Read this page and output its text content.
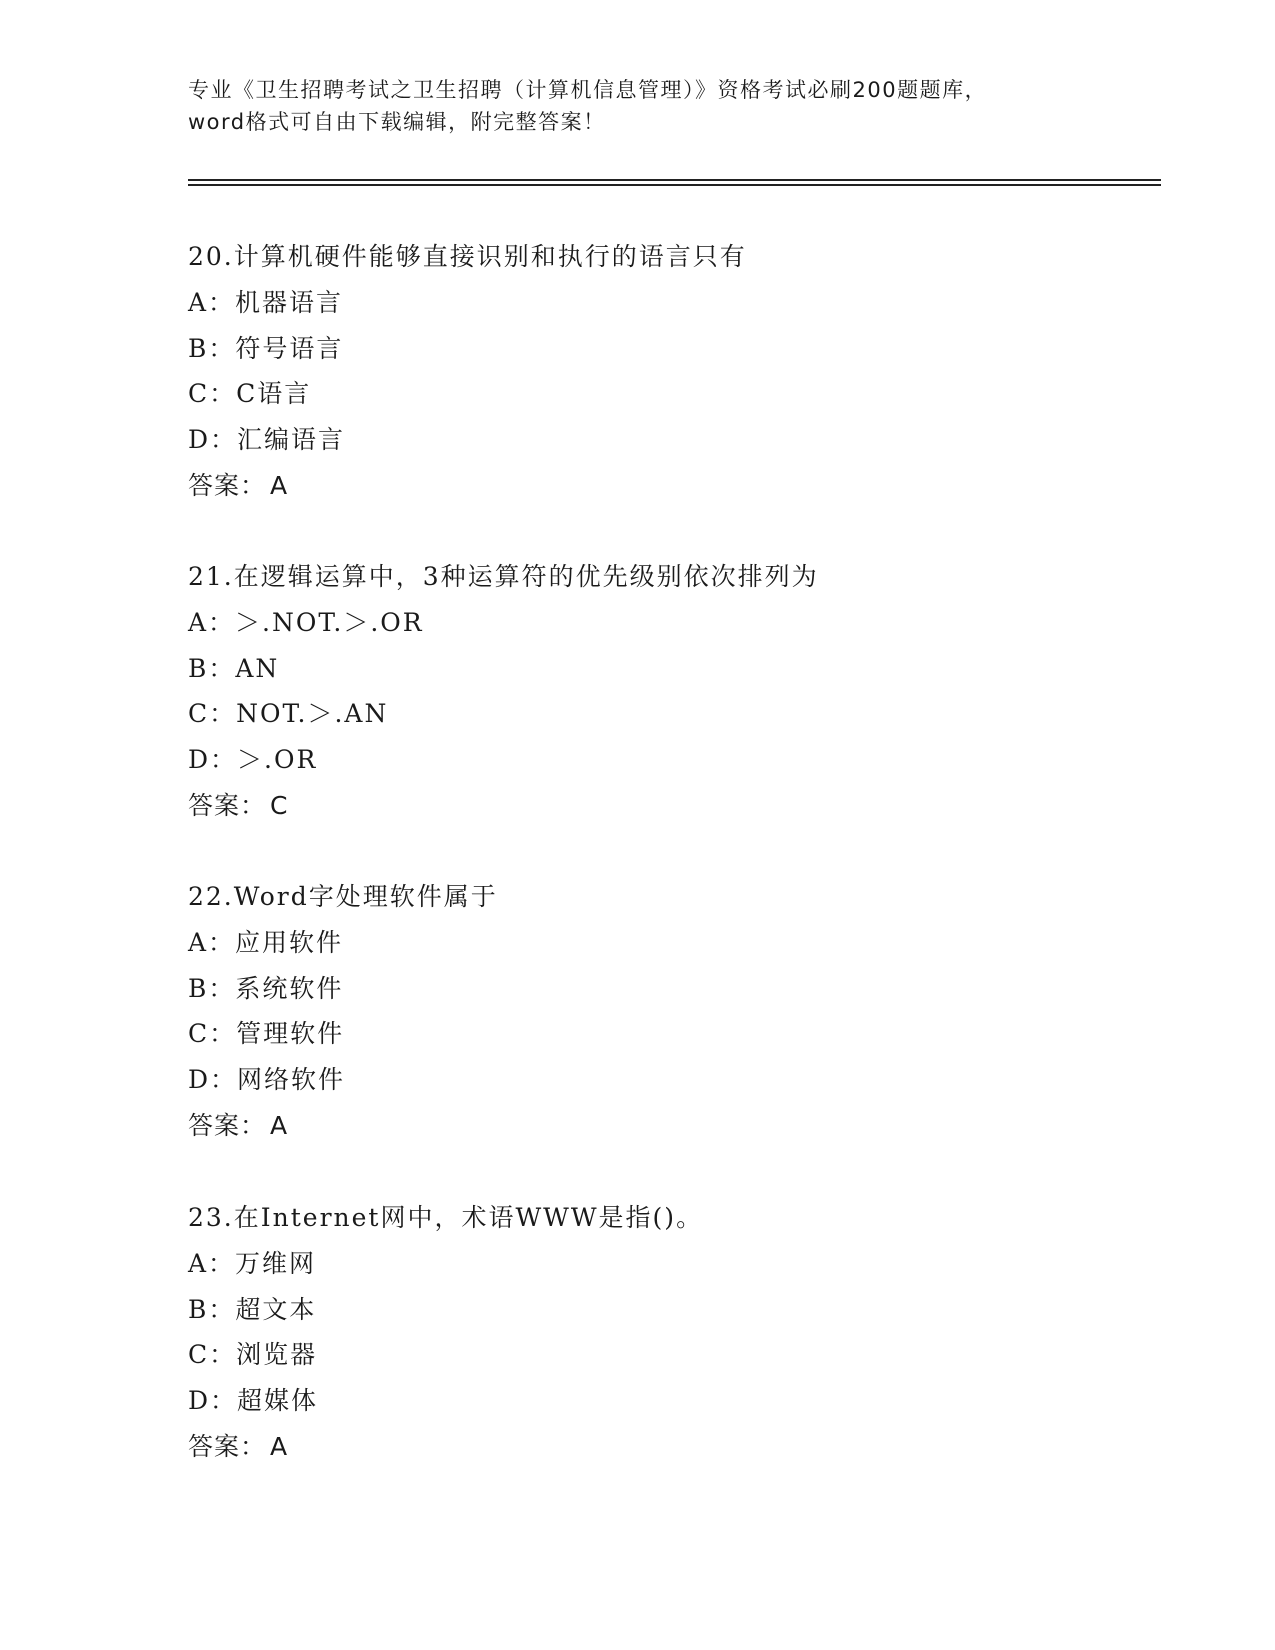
专业《卫生招聘考试之卫生招聘（计算机信息管理）》资格考试必刷200题题库，
word格式可自由下载编辑，附完整答案！
20.计算机硬件能够直接识别和执行的语言只有
A：机器语言
B：符号语言
C：C语言
D：汇编语言
答案： A
21.在逻辑运算中，3种运算符的优先级别依次排列为
A：＞.NOT.＞.OR
B：AN
C：NOT.＞.AN
D：＞.OR
答案： C
22.Word字处理软件属于
A：应用软件
B：系统软件
C：管理软件
D：网络软件
答案： A
23.在Internet网中，术语WWW是指()。
A：万维网
B：超文本
C：浏览器
D：超媒体
答案： A
